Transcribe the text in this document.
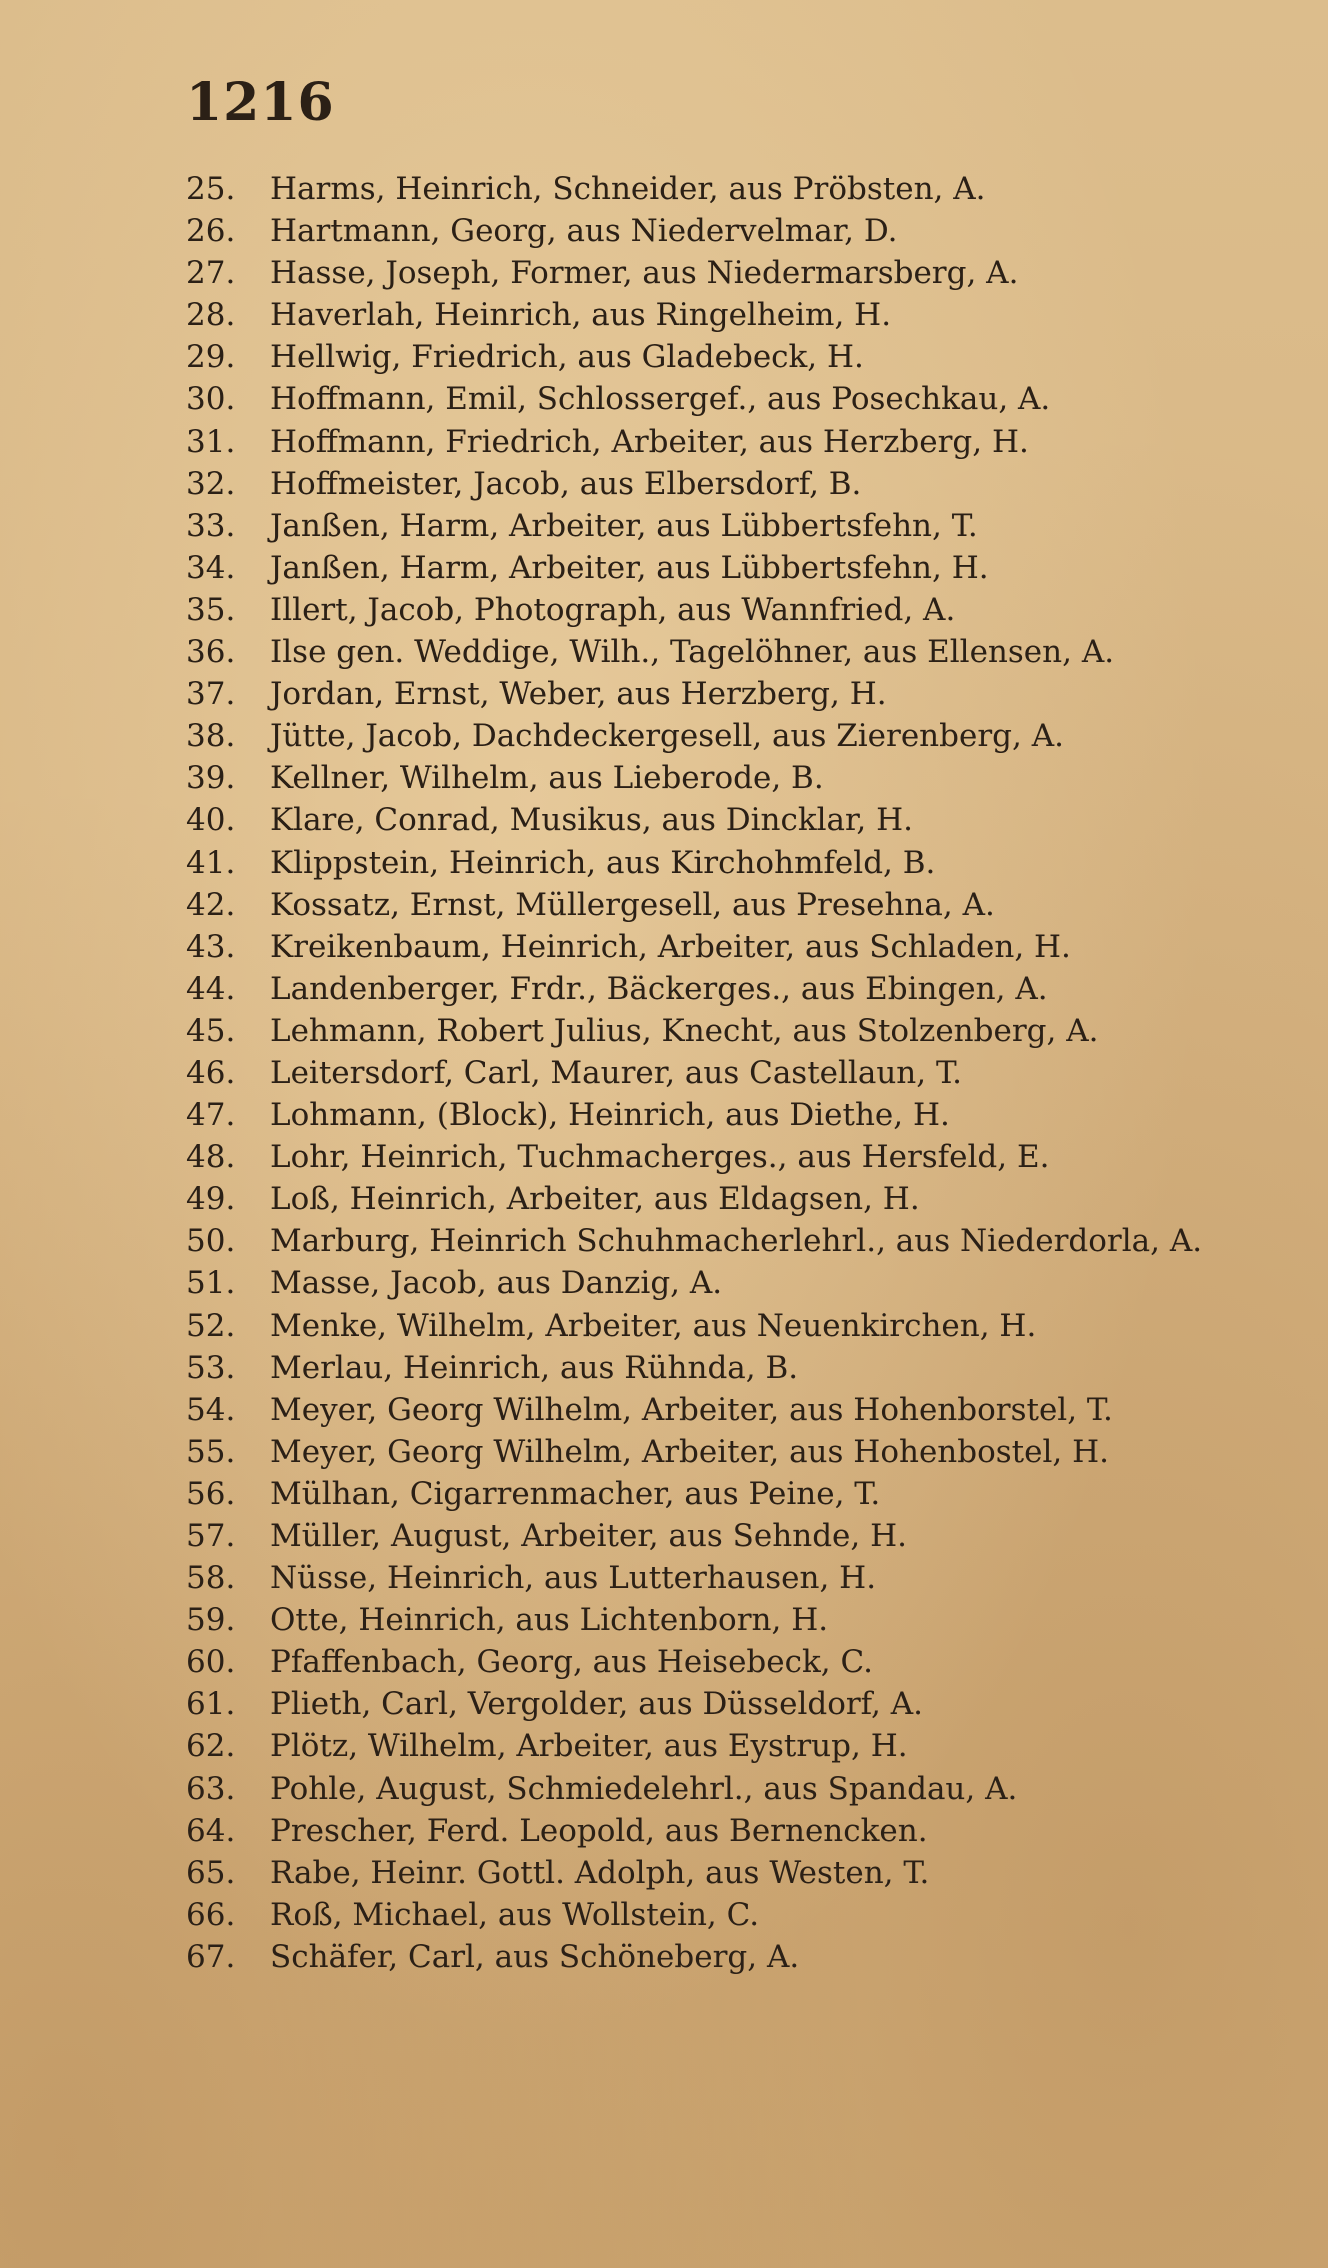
1216
25.	Harms, Heinrich, Schneider, aus Pröbsten, A.
26.	Hartmann, Georg, aus Niedervelmar, D.
27.	Hasse, Joseph, Former, aus Niedermarsberg, A.
28.	Haverlah, Heinrich, aus Ringelheim, H.
29.	Hellwig, Friedrich, aus Gladebeck, H.
30.	Hoffmann, Emil, Schlossergef., aus Posechkau, A.
31.	Hoffmann, Friedrich, Arbeiter, aus Herzberg, H.
32.	Hoffmeister, Jacob, aus Elbersdorf, B.
33.	Janßen, Harm, Arbeiter, aus Lübbertsfehn, T.
34.	Janßen, Harm, Arbeiter, aus Lübbertsfehn, H.
35.	Illert, Jacob, Photograph, aus Wannfried, A.
36.	Ilse gen. Weddige, Wilh., Tagelöhner, aus Ellensen, A.
37.	Jordan, Ernst, Weber, aus Herzberg, H.
38.	Jütte, Jacob, Dachdeckergesell, aus Zierenberg, A.
39.	Kellner, Wilhelm, aus Lieberode, B.
40.	Klare, Conrad, Musikus, aus Dincklar, H.
41.	Klippstein, Heinrich, aus Kirchohmfeld, B.
42.	Kossatz, Ernst, Müllergesell, aus Presehna, A.
43.	Kreikenbaum, Heinrich, Arbeiter, aus Schladen, H.
44.	Landenberger, Frdr., Bäckerges., aus Ebingen, A.
45.	Lehmann, Robert Julius, Knecht, aus Stolzenberg, A.
46.	Leitersdorf, Carl, Maurer, aus Castellaun, T.
47.	Lohmann, (Block), Heinrich, aus Diethe, H.
48.	Lohr, Heinrich, Tuchmacherges., aus Hersfeld, E.
49.	Loß, Heinrich, Arbeiter, aus Eldagsen, H.
50.	Marburg, Heinrich Schuhmacherlehrl., aus Niederdorla, A.
51.	Masse, Jacob, aus Danzig, A.
52.	Menke, Wilhelm, Arbeiter, aus Neuenkirchen, H.
53.	Merlau, Heinrich, aus Rühnda, B.
54.	Meyer, Georg Wilhelm, Arbeiter, aus Hohenborstel, T.
55.	Meyer, Georg Wilhelm, Arbeiter, aus Hohenbostel, H.
56.	Mülhan, Cigarrenmacher, aus Peine, T.
57.	Müller, August, Arbeiter, aus Sehnde, H.
58.	Nüsse, Heinrich, aus Lutterhausen, H.
59.	Otte, Heinrich, aus Lichtenborn, H.
60.	Pfaffenbach, Georg, aus Heisebeck, C.
61.	Plieth, Carl, Vergolder, aus Düsseldorf, A.
62.	Plötz, Wilhelm, Arbeiter, aus Eystrup, H.
63.	Pohle, August, Schmiedelehrl., aus Spandau, A.
64.	Prescher, Ferd. Leopold, aus Bernencken.
65.	Rabe, Heinr. Gottl. Adolph, aus Westen, T.
66.	Roß, Michael, aus Wollstein, C.
67.	Schäfer, Carl, aus Schöneberg, A.
